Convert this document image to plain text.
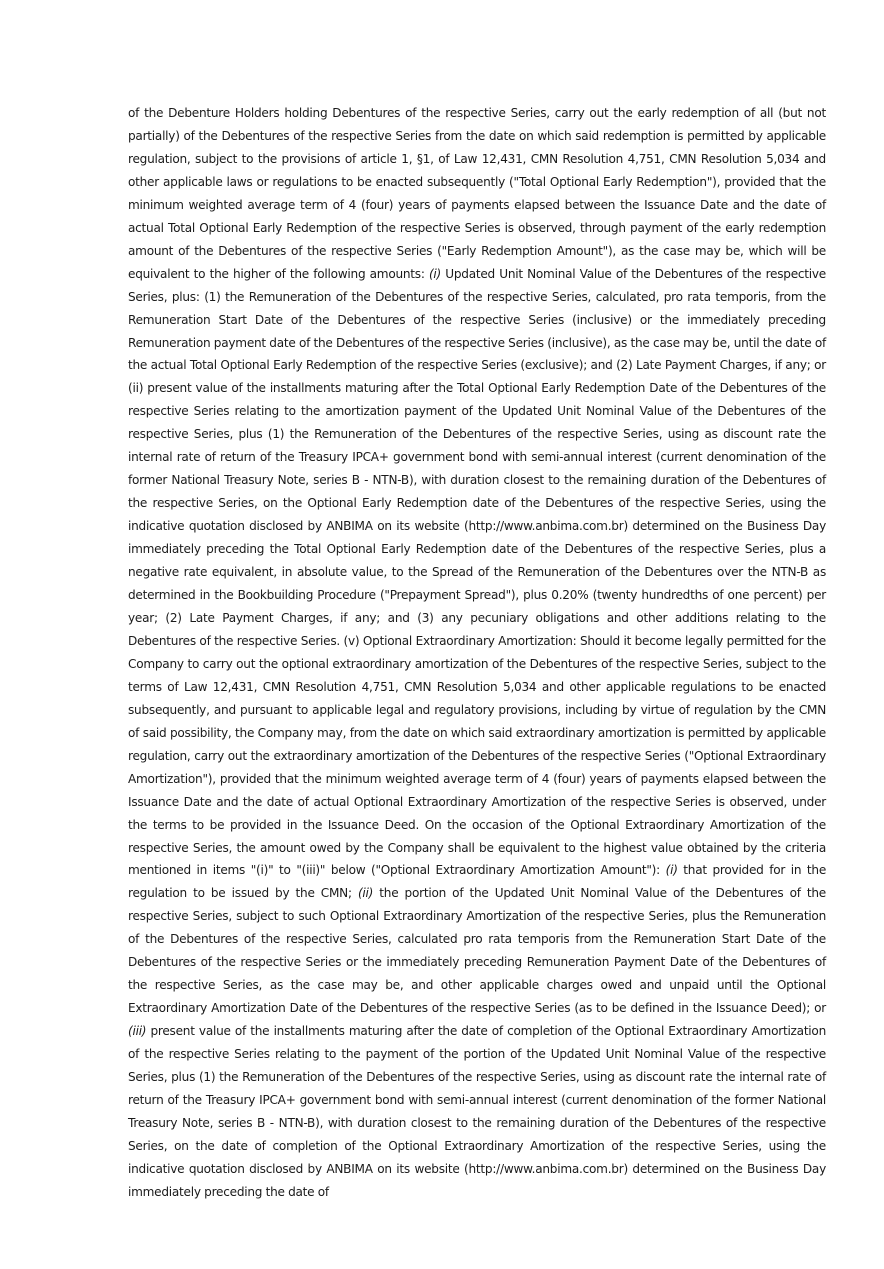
of the Debenture Holders holding Debentures of the respective Series, carry out the early redemption of all (but not partially) of the Debentures of the respective Series from the date on which said redemption is permitted by applicable regulation, subject to the provisions of article 1, §1, of Law 12,431, CMN Resolution 4,751, CMN Resolution 5,034 and other applicable laws or regulations to be enacted subsequently ("Total Optional Early Redemption"), provided that the minimum weighted average term of 4 (four) years of payments elapsed between the Issuance Date and the date of actual Total Optional Early Redemption of the respective Series is observed, through payment of the early redemption amount of the Debentures of the respective Series ("Early Redemption Amount"), as the case may be, which will be equivalent to the higher of the following amounts: (i) Updated Unit Nominal Value of the Debentures of the respective Series, plus: (1) the Remuneration of the Debentures of the respective Series, calculated, pro rata temporis, from the Remuneration Start Date of the Debentures of the respective Series (inclusive) or the immediately preceding Remuneration payment date of the Debentures of the respective Series (inclusive), as the case may be, until the date of the actual Total Optional Early Redemption of the respective Series (exclusive); and (2) Late Payment Charges, if any; or (ii) present value of the installments maturing after the Total Optional Early Redemption Date of the Debentures of the respective Series relating to the amortization payment of the Updated Unit Nominal Value of the Debentures of the respective Series, plus (1) the Remuneration of the Debentures of the respective Series, using as discount rate the internal rate of return of the Treasury IPCA+ government bond with semi-annual interest (current denomination of the former National Treasury Note, series B - NTN-B), with duration closest to the remaining duration of the Debentures of the respective Series, on the Optional Early Redemption date of the Debentures of the respective Series, using the indicative quotation disclosed by ANBIMA on its website (http://www.anbima.com.br) determined on the Business Day immediately preceding the Total Optional Early Redemption date of the Debentures of the respective Series, plus a negative rate equivalent, in absolute value, to the Spread of the Remuneration of the Debentures over the NTN-B as determined in the Bookbuilding Procedure ("Prepayment Spread"), plus 0.20% (twenty hundredths of one percent) per year; (2) Late Payment Charges, if any; and (3) any pecuniary obligations and other additions relating to the Debentures of the respective Series. (v) Optional Extraordinary Amortization: Should it become legally permitted for the Company to carry out the optional extraordinary amortization of the Debentures of the respective Series, subject to the terms of Law 12,431, CMN Resolution 4,751, CMN Resolution 5,034 and other applicable regulations to be enacted subsequently, and pursuant to applicable legal and regulatory provisions, including by virtue of regulation by the CMN of said possibility, the Company may, from the date on which said extraordinary amortization is permitted by applicable regulation, carry out the extraordinary amortization of the Debentures of the respective Series ("Optional Extraordinary Amortization"), provided that the minimum weighted average term of 4 (four) years of payments elapsed between the Issuance Date and the date of actual Optional Extraordinary Amortization of the respective Series is observed, under the terms to be provided in the Issuance Deed. On the occasion of the Optional Extraordinary Amortization of the respective Series, the amount owed by the Company shall be equivalent to the highest value obtained by the criteria mentioned in items "(i)" to "(iii)" below ("Optional Extraordinary Amortization Amount"): (i) that provided for in the regulation to be issued by the CMN; (ii) the portion of the Updated Unit Nominal Value of the Debentures of the respective Series, subject to such Optional Extraordinary Amortization of the respective Series, plus the Remuneration of the Debentures of the respective Series, calculated pro rata temporis from the Remuneration Start Date of the Debentures of the respective Series or the immediately preceding Remuneration Payment Date of the Debentures of the respective Series, as the case may be, and other applicable charges owed and unpaid until the Optional Extraordinary Amortization Date of the Debentures of the respective Series (as to be defined in the Issuance Deed); or (iii) present value of the installments maturing after the date of completion of the Optional Extraordinary Amortization of the respective Series relating to the payment of the portion of the Updated Unit Nominal Value of the respective Series, plus (1) the Remuneration of the Debentures of the respective Series, using as discount rate the internal rate of return of the Treasury IPCA+ government bond with semi-annual interest (current denomination of the former National Treasury Note, series B - NTN-B), with duration closest to the remaining duration of the Debentures of the respective Series, on the date of completion of the Optional Extraordinary Amortization of the respective Series, using the indicative quotation disclosed by ANBIMA on its website (http://www.anbima.com.br) determined on the Business Day immediately preceding the date of
